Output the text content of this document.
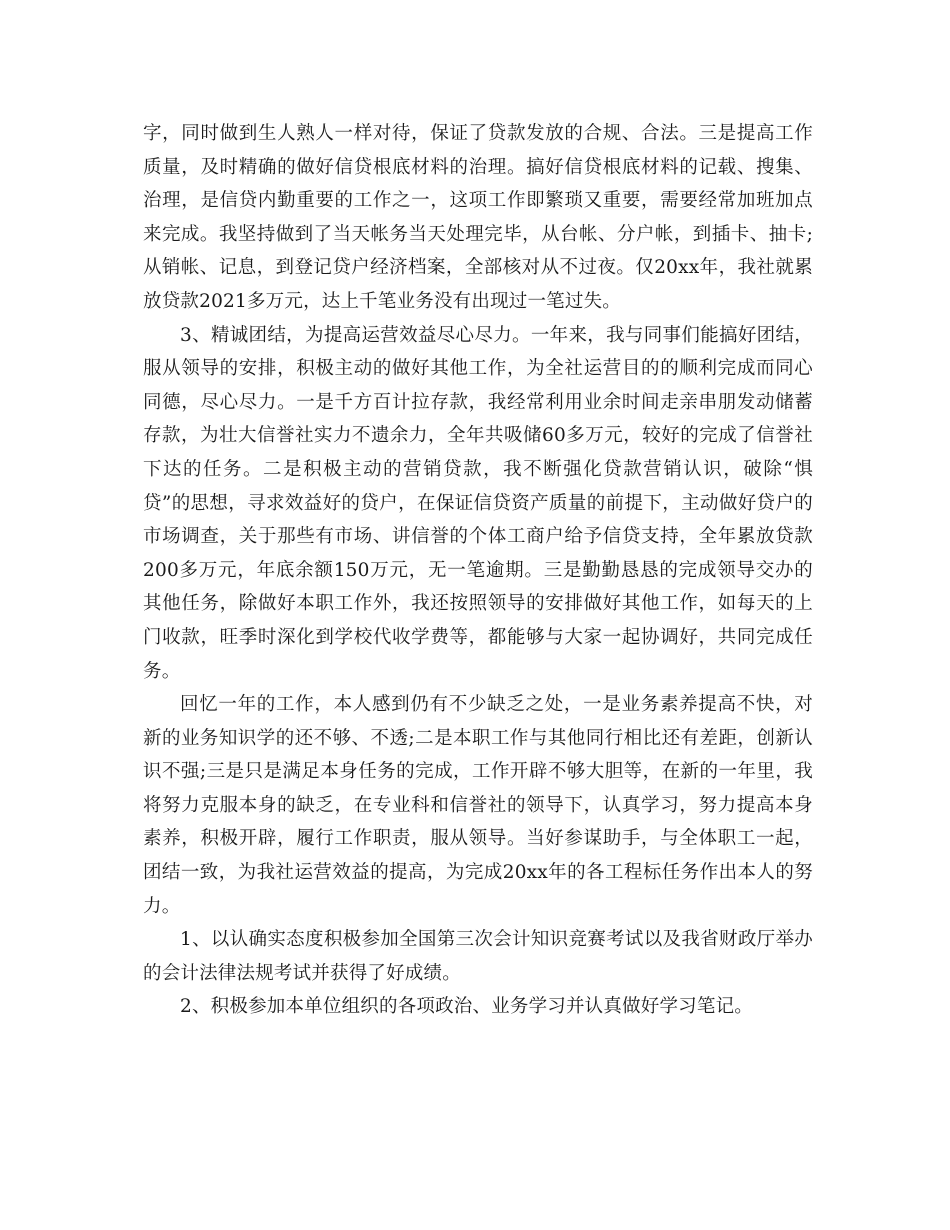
字，同时做到生人熟人一样对待，保证了贷款发放的合规、合法。三是提高工作质量，及时精确的做好信贷根底材料的治理。搞好信贷根底材料的记载、搜集、治理，是信贷内勤重要的工作之一，这项工作即繁琐又重要，需要经常加班加点来完成。我坚持做到了当天帐务当天处理完毕，从台帐、分户帐，到插卡、抽卡;从销帐、记息，到登记贷户经济档案，全部核对从不过夜。仅20xx年，我社就累放贷款2021多万元，达上千笔业务没有出现过一笔过失。

3、精诚团结，为提高运营效益尽心尽力。一年来，我与同事们能搞好团结，服从领导的安排，积极主动的做好其他工作，为全社运营目的的顺利完成而同心同德，尽心尽力。一是千方百计拉存款，我经常利用业余时间走亲串朋发动储蓄存款，为壮大信誉社实力不遗余力，全年共吸储60多万元，较好的完成了信誉社下达的任务。二是积极主动的营销贷款，我不断强化贷款营销认识，破除“惧贷”的思想，寻求效益好的贷户，在保证信贷资产质量的前提下，主动做好贷户的市场调查，关于那些有市场、讲信誉的个体工商户给予信贷支持，全年累放贷款200多万元，年底余额150万元，无一笔逾期。三是勤勤恳恳的完成领导交办的其他任务，除做好本职工作外，我还按照领导的安排做好其他工作，如每天的上门收款，旺季时深化到学校代收学费等，都能够与大家一起协调好，共同完成任务。

回忆一年的工作，本人感到仍有不少缺乏之处，一是业务素养提高不快，对新的业务知识学的还不够、不透;二是本职工作与其他同行相比还有差距，创新认识不强;三是只是满足本身任务的完成，工作开辟不够大胆等，在新的一年里，我将努力克服本身的缺乏，在专业科和信誉社的领导下，认真学习，努力提高本身素养，积极开辟，履行工作职责，服从领导。当好参谋助手，与全体职工一起，团结一致，为我社运营效益的提高，为完成20xx年的各工程标任务作出本人的努力。

1、以认确实态度积极参加全国第三次会计知识竞赛考试以及我省财政厅举办的会计法律法规考试并获得了好成绩。

2、积极参加本单位组织的各项政治、业务学习并认真做好学习笔记。
